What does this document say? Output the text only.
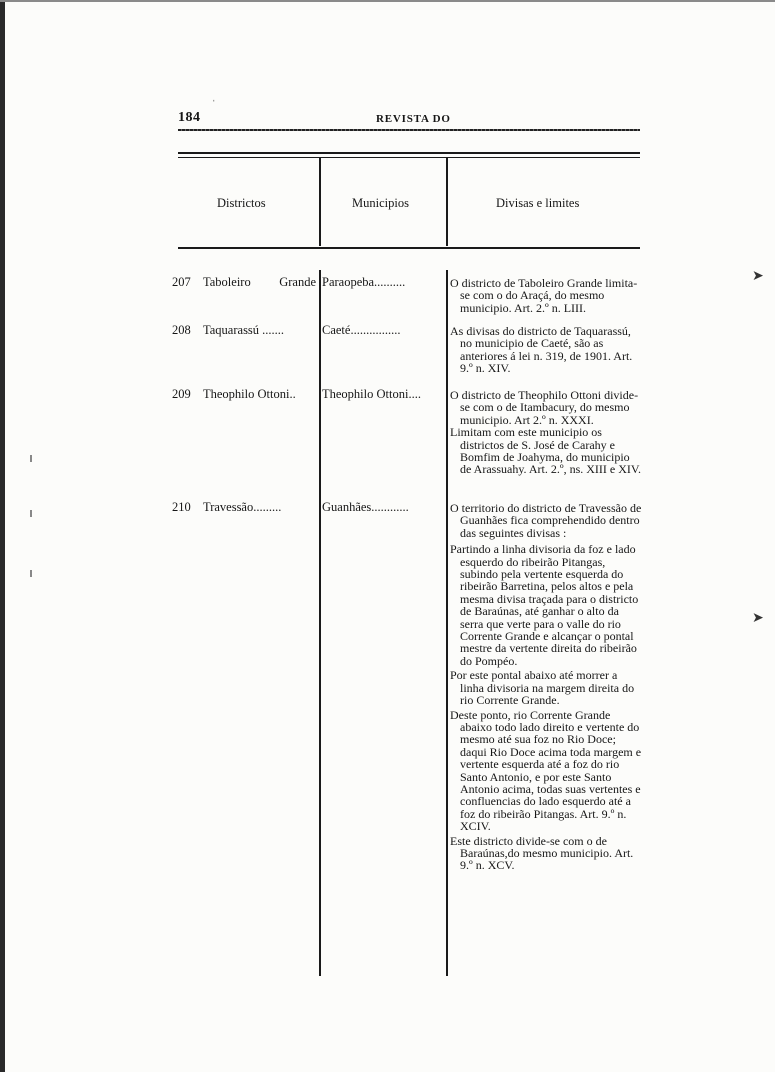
184
ˈ
REVISTA DO
Districtos	Municipios	Divisas e limites
207 Taboleiro Grande Paraopeba..........	O districto de Taboleiro Grande limita-se com o do Araçá, do mesmo municipio. Art. 2.º n. LIII.

208 Taquarassú .......	Caeté................	As divisas do districto de Taquarassú, no municipio de Caeté, são as anteriores á lei n. 319, de 1901. Art. 9.º n. XIV.

209 Theophilo Ottoni..	Theophilo Ottoni....	O districto de Theophilo Ottoni divide-se com o de Itambacury, do mesmo municipio. Art 2.º n. XXXI.

Limitam com este municipio os districtos de S. José de Carahy e Bomfim de Joahyma, do municipio de Arassuahy. Art. 2.º, ns. XIII e XIV.

210 Travessão.........	Guanhães............	O territorio do districto de Travessão de Guanhães fica comprehendido dentro das seguintes divisas :

Partindo a linha divisoria da foz e lado esquerdo do ribeirão Pitangas, subindo pela vertente esquerda do ribeirão Barretina, pelos altos e pela mesma divisa traçada para o districto de Baraúnas, até ganhar o alto da serra que verte para o valle do rio Corrente Grande e alcançar o pontal mestre da vertente direita do ribeirão do Pompéo.

Por este pontal abaixo até morrer a linha divisoria na margem direita do rio Corrente Grande.

Deste ponto, rio Corrente Grande abaixo todo lado direito e vertente do mesmo até sua foz no Rio Doce; daqui Rio Doce acima toda margem e vertente esquerda até a foz do rio Santo Antonio, e por este Santo Antonio acima, todas suas vertentes e confluencias do lado esquerdo até a foz do ribeirão Pitangas. Art. 9.º n. XCIV.

Este districto divide-se com o de Baraúnas,do mesmo municipio. Art. 9.º n. XCV.

➤
➤
